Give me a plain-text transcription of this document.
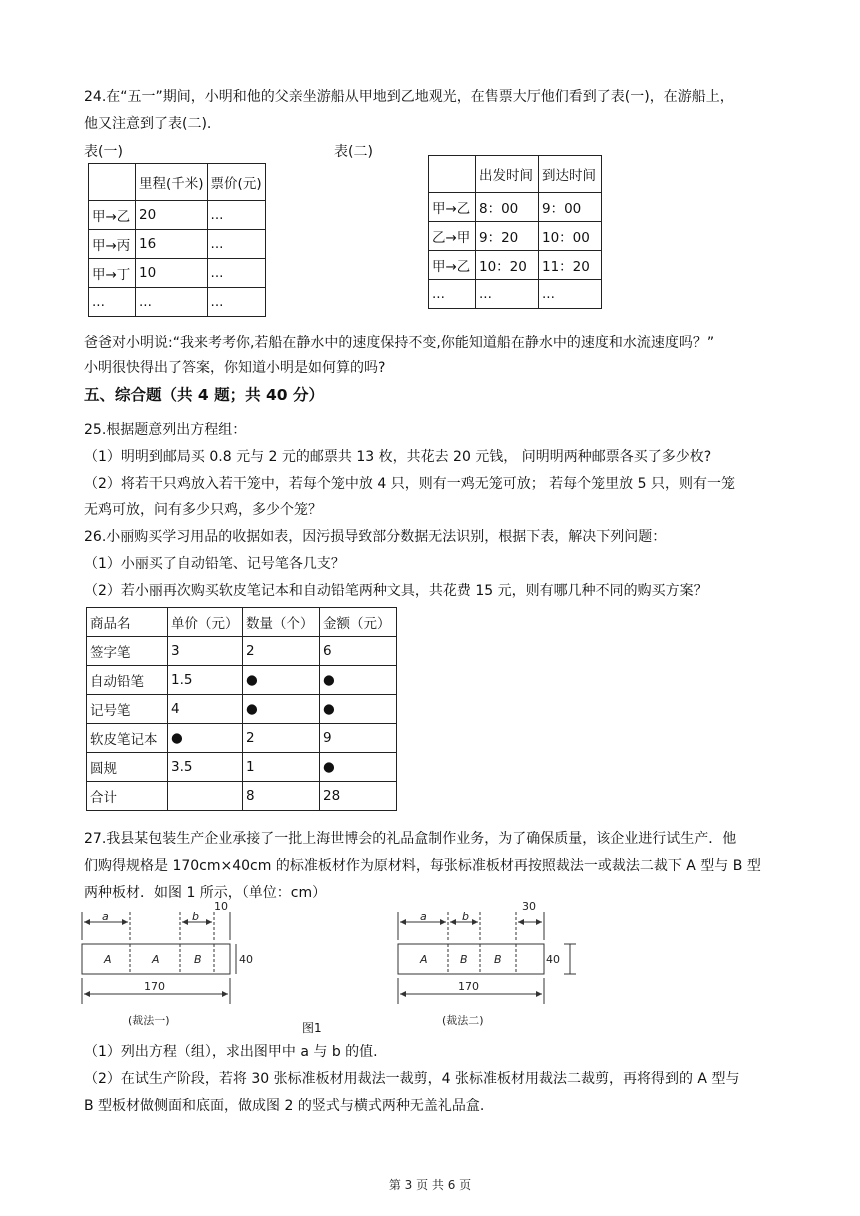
24.在“五一”期间，小明和他的父亲坐游船从甲地到乙地观光，在售票大厅他们看到了表(一)，在游船上，
他又注意到了表(二).
表(一)	表(二)
	里程(千米)	票价(元)
甲→乙	20	...
甲→丙	16	...
甲→丁	10	...
...	...	...
	出发时间	到达时间
甲→乙	8：00	9：00
乙→甲	9：20	10：00
甲→乙	10：20	11：20
...	...	...
爸爸对小明说:“我来考考你,若船在静水中的速度保持不变,你能知道船在静水中的速度和水流速度吗？”
小明很快得出了答案，你知道小明是如何算的吗?
五、综合题（共 4 题；共 40 分）
25.根据题意列出方程组：
（1）明明到邮局买 0.8 元与 2 元的邮票共 13 枚，共花去 20 元钱， 问明明两种邮票各买了多少枚?
（2）将若干只鸡放入若干笼中，若每个笼中放 4 只，则有一鸡无笼可放； 若每个笼里放 5 只，则有一笼
无鸡可放，问有多少只鸡，多少个笼？
26.小丽购买学习用品的收据如表，因污损导致部分数据无法识别，根据下表，解决下列问题：
（1）小丽买了自动铅笔、记号笔各几支？
（2）若小丽再次购买软皮笔记本和自动铅笔两种文具，共花费 15 元，则有哪几种不同的购买方案？
商品名	单价（元）	数量（个）	金额（元）
签字笔	3	2	6
自动铅笔	1.5	●	●
记号笔	4	●	●
软皮笔记本	●	2	9
圆规	3.5	1	●
合计		8	28
27.我县某包装生产企业承接了一批上海世博会的礼品盒制作业务，为了确保质量，该企业进行试生产．他
们购得规格是 170cm×40cm 的标准板材作为原材料，每张标准板材再按照裁法一或裁法二裁下 A 型与 B 型
两种板材．如图 1 所示，（单位：cm）
a	b
10
40
A	A	B
170
(裁法一)
图1
a	b
30
40
A	B B
170
(裁法二)
（1）列出方程（组），求出图甲中 a 与 b 的值.
（2）在试生产阶段，若将 30 张标准板材用裁法一裁剪，4 张标准板材用裁法二裁剪，再将得到的 A 型与
B 型板材做侧面和底面，做成图 2 的竖式与横式两种无盖礼品盒.
第 3 页 共 6 页
